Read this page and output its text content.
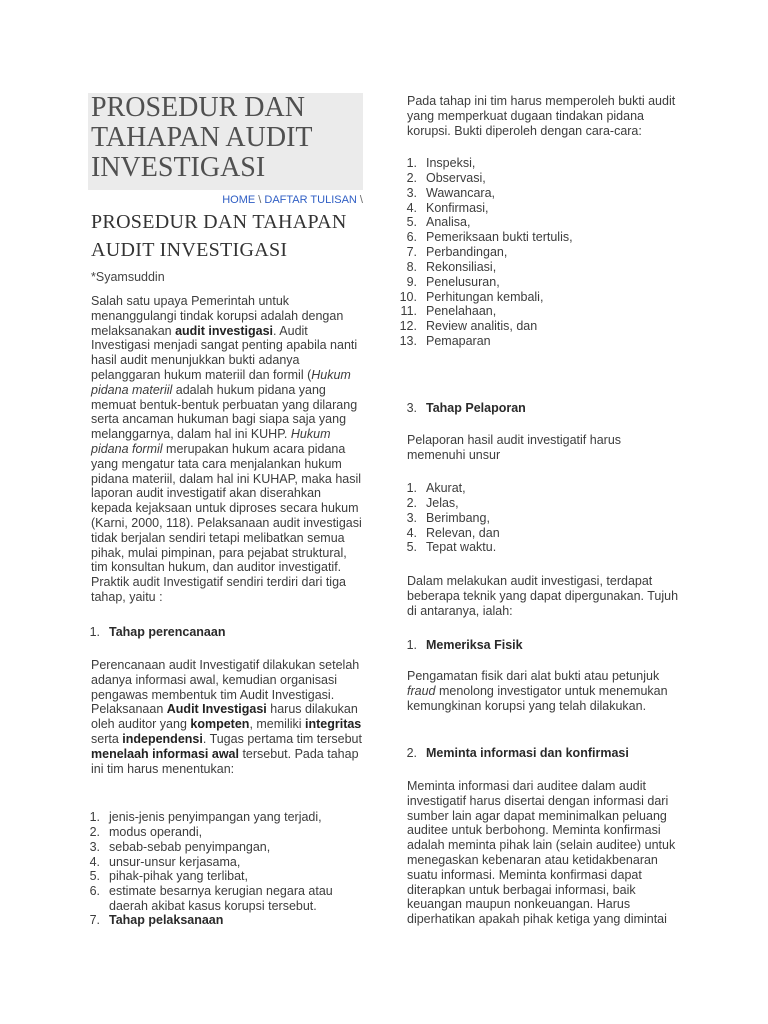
PROSEDUR DAN TAHAPAN AUDIT INVESTIGASI
HOME \ DAFTAR TULISAN \
PROSEDUR DAN TAHAPAN AUDIT INVESTIGASI
*Syamsuddin

Salah satu upaya Pemerintah untuk menanggulangi tindak korupsi adalah dengan melaksanakan audit investigasi. Audit Investigasi menjadi sangat penting apabila nanti hasil audit menunjukkan bukti adanya pelanggaran hukum materiil dan formil (Hukum pidana materiil adalah hukum pidana yang memuat bentuk-bentuk perbuatan yang dilarang serta ancaman hukuman bagi siapa saja yang melanggarnya, dalam hal ini KUHP. Hukum pidana formil merupakan hukum acara pidana yang mengatur tata cara menjalankan hukum pidana materiil, dalam hal ini KUHAP, maka hasil laporan audit investigatif akan diserahkan kepada kejaksaan untuk diproses secara hukum (Karni, 2000, 118). Pelaksanaan audit investigasi tidak berjalan sendiri tetapi melibatkan semua pihak, mulai pimpinan, para pejabat struktural, tim konsultan hukum, dan auditor investigatif. Praktik audit Investigatif sendiri terdiri dari tiga tahap, yaitu :

1. Tahap perencanaan

Perencanaan audit Investigatif dilakukan setelah adanya informasi awal, kemudian organisasi pengawas membentuk tim Audit Investigasi. Pelaksanaan Audit Investigasi harus dilakukan oleh auditor yang kompeten, memiliki integritas serta independensi. Tugas pertama tim tersebut menelaah informasi awal tersebut. Pada tahap ini tim harus menentukan:

1. jenis-jenis penyimpangan yang terjadi,
2. modus operandi,
3. sebab-sebab penyimpangan,
4. unsur-unsur kerjasama,
5. pihak-pihak yang terlibat,
6. estimate besarnya kerugian negara atau daerah akibat kasus korupsi tersebut.
7. Tahap pelaksanaan

Pada tahap ini tim harus memperoleh bukti audit yang memperkuat dugaan tindakan pidana korupsi. Bukti diperoleh dengan cara-cara:

1. Inspeksi,
2. Observasi,
3. Wawancara,
4. Konfirmasi,
5. Analisa,
6. Pemeriksaan bukti tertulis,
7. Perbandingan,
8. Rekonsiliasi,
9. Penelusuran,
10. Perhitungan kembali,
11. Penelahaan,
12. Review analitis, dan
13. Pemaparan
3. Tahap Pelaporan

Pelaporan hasil audit investigatif harus memenuhi unsur

1. Akurat,
2. Jelas,
3. Berimbang,
4. Relevan, dan
5. Tepat waktu.

Dalam melakukan audit investigasi, terdapat beberapa teknik yang dapat dipergunakan. Tujuh di antaranya, ialah:

1. Memeriksa Fisik

Pengamatan fisik dari alat bukti atau petunjuk fraud menolong investigator untuk menemukan kemungkinan korupsi yang telah dilakukan.

2. Meminta informasi dan konfirmasi

Meminta informasi dari auditee dalam audit investigatif harus disertai dengan informasi dari sumber lain agar dapat meminimalkan peluang auditee untuk berbohong. Meminta konfirmasi adalah meminta pihak lain (selain auditee) untuk menegaskan kebenaran atau ketidakbenaran suatu informasi. Meminta konfirmasi dapat diterapkan untuk berbagai informasi, baik keuangan maupun nonkeuangan. Harus diperhatikan apakah pihak ketiga yang dimintai
